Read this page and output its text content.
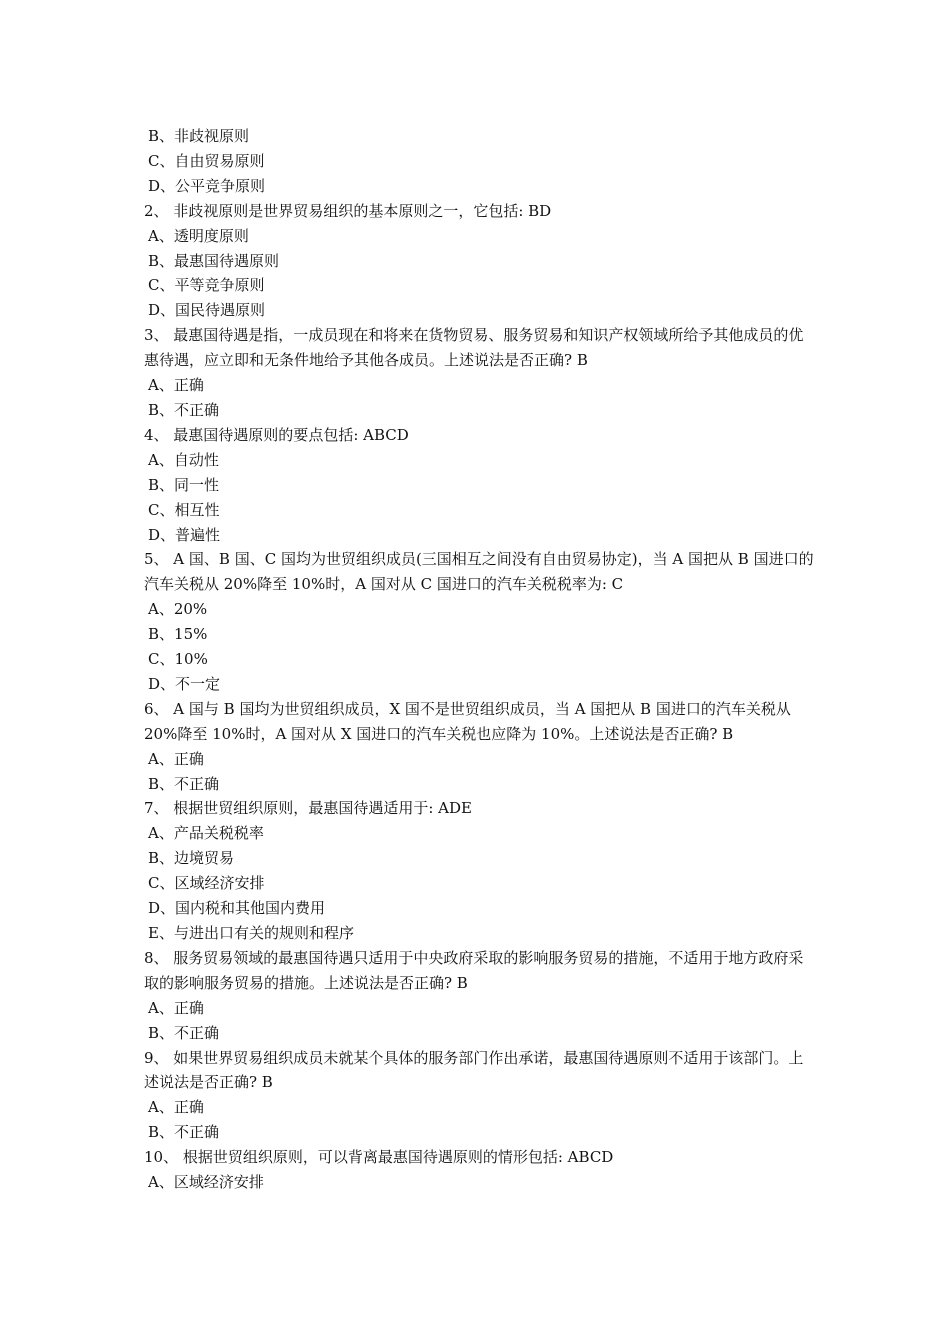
B、非歧视原则
C、自由贸易原则
D、公平竞争原则
2、 非歧视原则是世界贸易组织的基本原则之一，它包括: BD
A、透明度原则
B、最惠国待遇原则
C、平等竞争原则
D、国民待遇原则
3、 最惠国待遇是指，一成员现在和将来在货物贸易、服务贸易和知识产权领域所给予其他成员的优惠待遇，应立即和无条件地给予其他各成员。上述说法是否正确? B
A、正确
B、不正确
4、 最惠国待遇原则的要点包括: ABCD
A、自动性
B、同一性
C、相互性
D、普遍性
5、 A 国、B 国、C 国均为世贸组织成员(三国相互之间没有自由贸易协定)，当 A 国把从 B 国进口的汽车关税从 20%降至 10%时，A 国对从 C 国进口的汽车关税税率为: C
A、20%
B、15%
C、10%
D、不一定
6、 A 国与 B 国均为世贸组织成员，X 国不是世贸组织成员，当 A 国把从 B 国进口的汽车关税从 20%降至 10%时，A 国对从 X 国进口的汽车关税也应降为 10%。上述说法是否正确? B
A、正确
B、不正确
7、 根据世贸组织原则，最惠国待遇适用于: ADE
A、产品关税税率
B、边境贸易
C、区域经济安排
D、国内税和其他国内费用
E、与进出口有关的规则和程序
8、 服务贸易领域的最惠国待遇只适用于中央政府采取的影响服务贸易的措施，不适用于地方政府采取的影响服务贸易的措施。上述说法是否正确? B
A、正确
B、不正确
9、 如果世界贸易组织成员未就某个具体的服务部门作出承诺，最惠国待遇原则不适用于该部门。上述说法是否正确? B
A、正确
B、不正确
10、 根据世贸组织原则，可以背离最惠国待遇原则的情形包括: ABCD
A、区域经济安排
